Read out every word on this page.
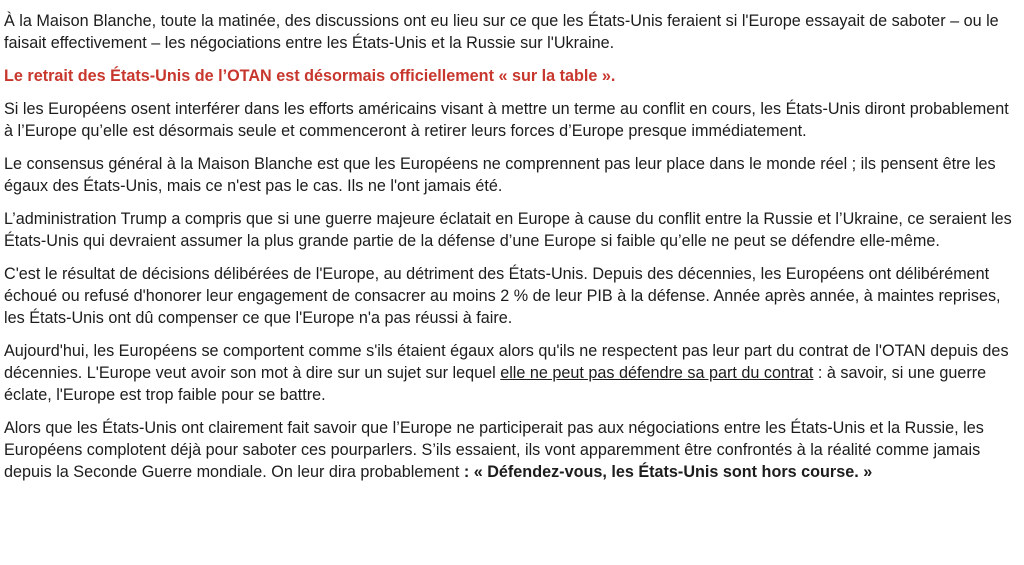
À la Maison Blanche, toute la matinée, des discussions ont eu lieu sur ce que les États-Unis feraient si l'Europe essayait de saboter – ou le faisait effectivement – les négociations entre les États-Unis et la Russie sur l'Ukraine.

Le retrait des États-Unis de l’OTAN est désormais officiellement « sur la table ».

Si les Européens osent interférer dans les efforts américains visant à mettre un terme au conflit en cours, les États-Unis diront probablement à l’Europe qu’elle est désormais seule et commenceront à retirer leurs forces d’Europe presque immédiatement.

Le consensus général à la Maison Blanche est que les Européens ne comprennent pas leur place dans le monde réel ; ils pensent être les égaux des États-Unis, mais ce n'est pas le cas. Ils ne l'ont jamais été.

L’administration Trump a compris que si une guerre majeure éclatait en Europe à cause du conflit entre la Russie et l’Ukraine, ce seraient les États-Unis qui devraient assumer la plus grande partie de la défense d’une Europe si faible qu’elle ne peut se défendre elle-même.

C'est le résultat de décisions délibérées de l'Europe, au détriment des États-Unis. Depuis des décennies, les Européens ont délibérément échoué ou refusé d'honorer leur engagement de consacrer au moins 2 % de leur PIB à la défense. Année après année, à maintes reprises, les États-Unis ont dû compenser ce que l'Europe n'a pas réussi à faire.

Aujourd'hui, les Européens se comportent comme s'ils étaient égaux alors qu'ils ne respectent pas leur part du contrat de l'OTAN depuis des décennies. L'Europe veut avoir son mot à dire sur un sujet sur lequel elle ne peut pas défendre sa part du contrat : à savoir, si une guerre éclate, l'Europe est trop faible pour se battre.

Alors que les États-Unis ont clairement fait savoir que l’Europe ne participerait pas aux négociations entre les États-Unis et la Russie, les Européens complotent déjà pour saboter ces pourparlers. S’ils essaient, ils vont apparemment être confrontés à la réalité comme jamais depuis la Seconde Guerre mondiale. On leur dira probablement : « Défendez-vous, les États-Unis sont hors course. »
